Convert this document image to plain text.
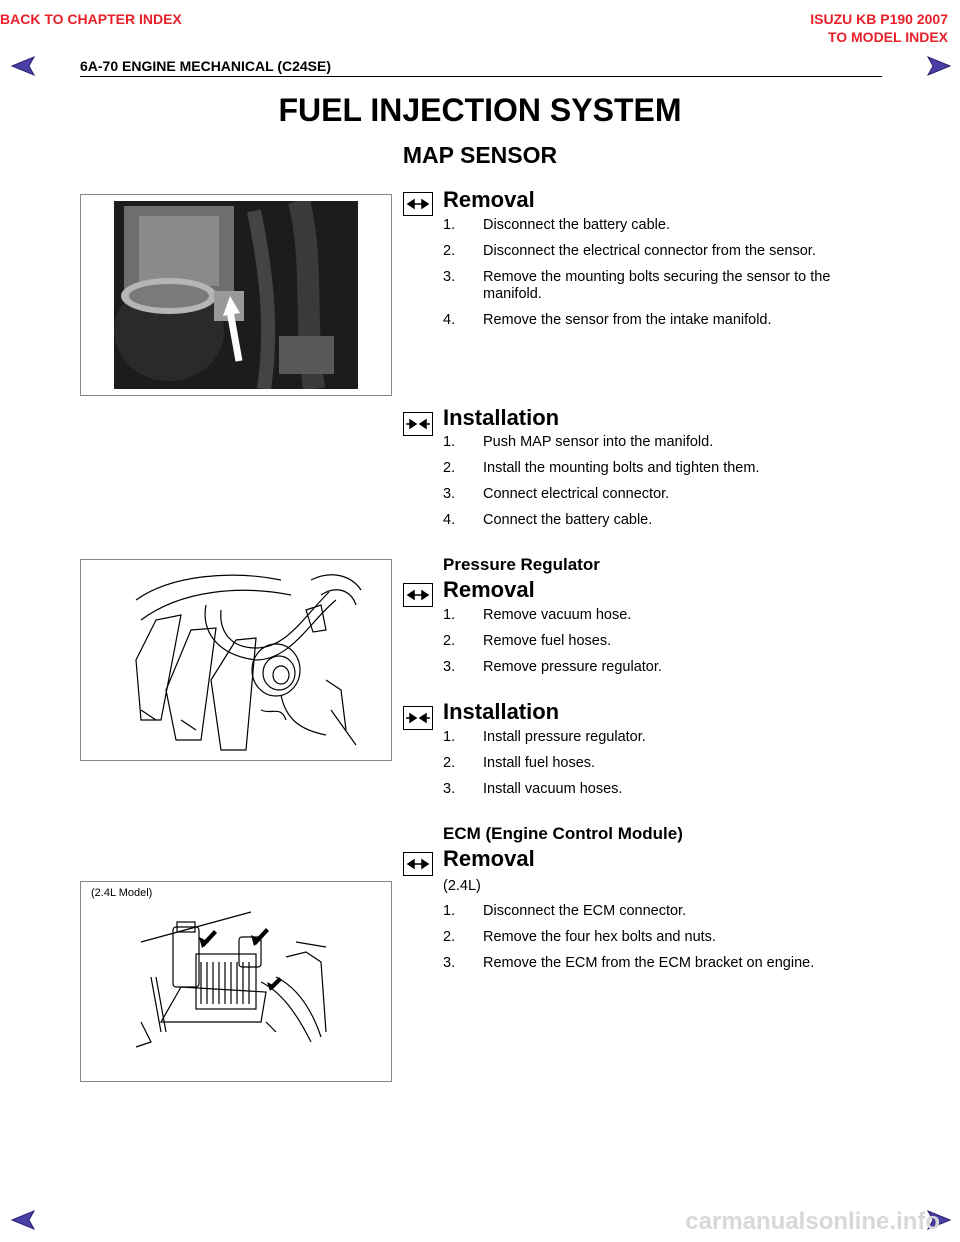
BACK TO CHAPTER INDEX	ISUZU KB P190 2007
TO MODEL INDEX
6A-70 ENGINE MECHANICAL (C24SE)
FUEL INJECTION SYSTEM
MAP SENSOR
Removal
1. Disconnect the battery cable.
2. Disconnect the electrical connector from the sensor.
3. Remove the mounting bolts securing the sensor to the manifold.
4. Remove the sensor from the intake manifold.
Installation
1. Push MAP sensor into the manifold.
2. Install the mounting bolts and tighten them.
3. Connect electrical connector.
4. Connect the battery cable.
Pressure Regulator
Removal
1. Remove vacuum hose.
2. Remove fuel hoses.
3. Remove pressure regulator.
Installation
1. Install pressure regulator.
2. Install fuel hoses.
3. Install vacuum hoses.
ECM (Engine Control Module)
Removal
(2.4L)
1. Disconnect the ECM connector.
2. Remove the four hex bolts and nuts.
3. Remove the ECM from the ECM bracket on engine.
(2.4L Model)
carmanualsonline.info
